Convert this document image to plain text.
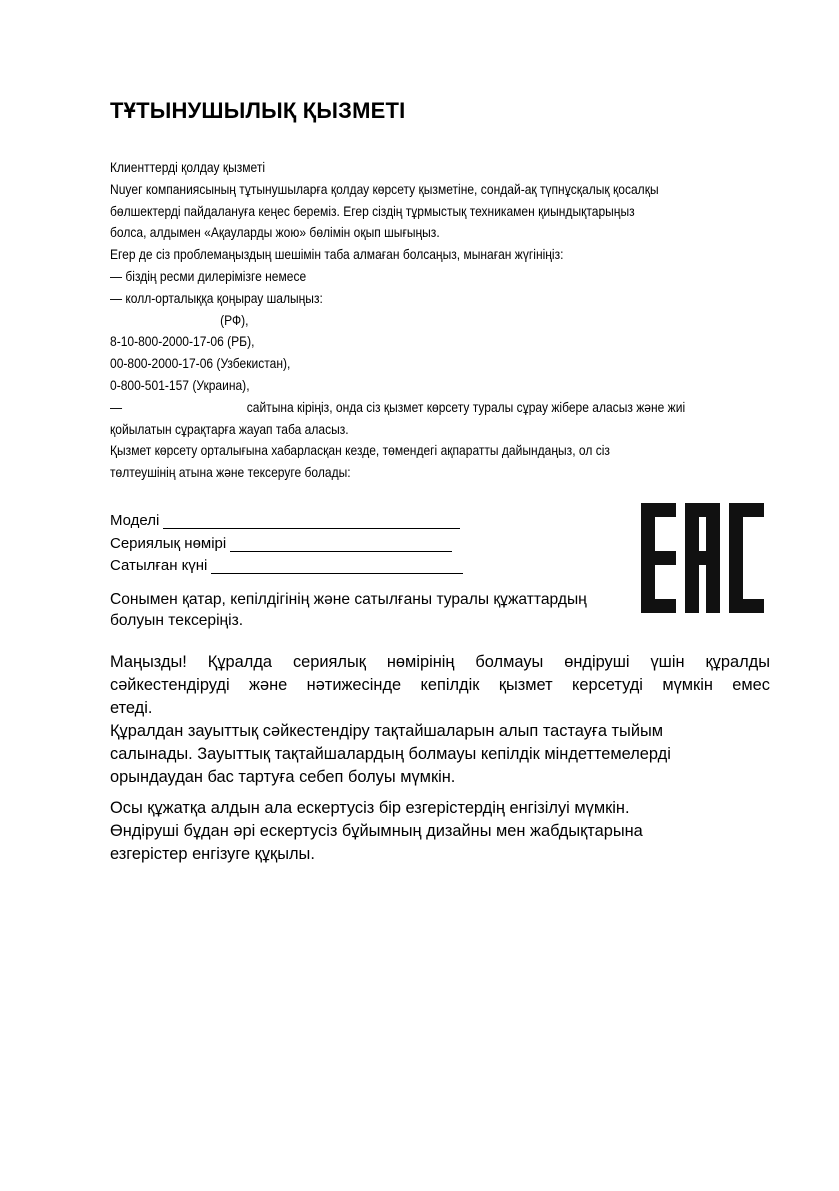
ТҰТЫНУШЫЛЫҚ ҚЫЗМЕТІ
Клиенттерді қолдау қызметі
Nuyeг компаниясының тұтынушыларға қолдау көрсету қызметіне, сондай-ақ түпнұсқалық қосалқы
бөлшектерді пайдалануға кеңес береміз. Егер сіздің тұрмыстық техникамен қиындықтарыңыз
болса, алдымен «Ақауларды жою» бөлімін оқып шығыңыз.
Егер де сіз проблемаңыздың шешімін таба алмаған болсаңыз, мынаған жүгініңіз:
— біздің ресми дилерімізге немесе
— колл-орталыққа қоңырау шалыңыз:
(РФ),
8-10-800-2000-17-06 (РБ),
00-800-2000-17-06 (Узбекистан),
0-800-501-157 (Украина),
—	сайтына кіріңіз, онда сіз қызмет көрсету туралы сұрау жібере аласыз және жиі
қойылатын сұрақтарға жауап таба аласыз.
Қызмет көрсету орталығына хабарласқан кезде, төмендегі ақпаратты дайындаңыз, ол сіз
төлтеушінің атына және тексеруге болады:
Моделі
Сериялық нөмірі
Сатылған күні
Сонымен қатар, кепілдігінің және сатылғаны туралы құжаттардың
болуын тексеріңіз.
Маңызды! Құралда сериялық нөмірінің болмауы өндіруші үшін құралды
сәйкестендіруді және нәтижесінде кепілдік қызмет керсетуді мүмкін емес
етеді.
Құралдан зауыттық сәйкестендіру тақтайшаларын алып тастауға тыйым
салынады. Зауыттық тақтайшалардың болмауы кепілдік міндеттемелерді
орындаудан бас тартуға себеп болуы мүмкін.
Осы құжатқа алдын ала ескертусіз бір езгерістердің енгізілуі мүмкін.
Өндіруші бұдан әрі ескертусіз бұйымның дизайны мен жабдықтарына
езгерістер енгізуге құқылы.
